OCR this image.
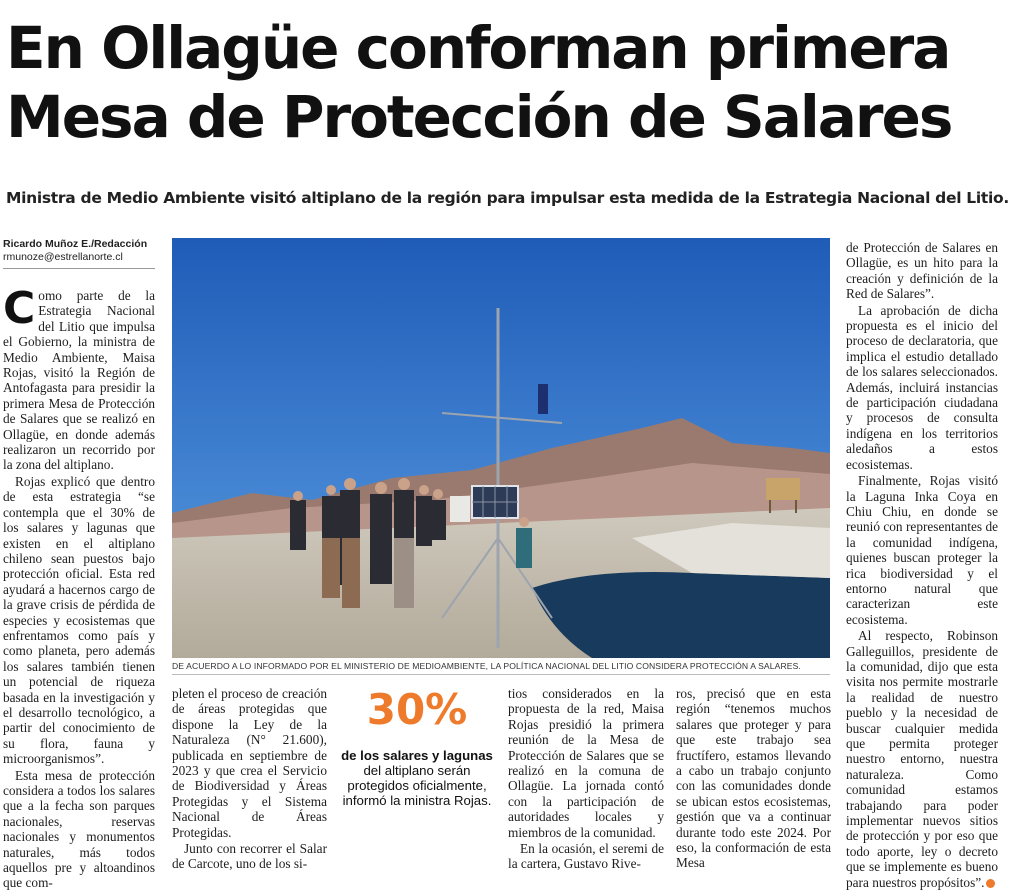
En Ollagüe conforman primera
Mesa de Protección de Salares
Ministra de Medio Ambiente visitó altiplano de la región para impulsar esta medida de la Estrategia Nacional del Litio.
Ricardo Muñoz E./Redacción
rmunoze@estrellanorte.cl

Como parte de la Estrategia Nacional del Litio que impulsa el Gobierno, la ministra de Medio Ambiente, Maisa Rojas, visitó la Región de Antofagasta para presidir la primera Mesa de Protección de Salares que se realizó en Ollagüe, en donde además realizaron un recorrido por la zona del altiplano.

Rojas explicó que dentro de esta estrategia “se contempla que el 30% de los salares y lagunas que existen en el altiplano chileno sean puestos bajo protección oficial. Esta red ayudará a hacernos cargo de la grave crisis de pérdida de especies y ecosistemas que enfrentamos como país y como planeta, pero además los salares también tienen un potencial de riqueza basada en la investigación y el desarrollo tecnológico, a partir del conocimiento de su flora, fauna y microorganismos”.

Esta mesa de protección considera a todos los salares que a la fecha son parques nacionales, reservas nacionales y monumentos naturales, más todos aquellos pre y altoandinos que com-

DE ACUERDO A LO INFORMADO POR EL MINISTERIO DE MEDIOAMBIENTE, LA POLÍTICA NACIONAL DEL LITIO CONSIDERA PROTECCIÓN A SALARES.

pleten el proceso de creación de áreas protegidas que dispone la Ley de la Naturaleza (N° 21.600), publicada en septiembre de 2023 y que crea el Servicio de Biodiversidad y Áreas Protegidas y el Sistema Nacional de Áreas Protegidas.

Junto con recorrer el Salar de Carcote, uno de los si-

30%
de los salares y lagunas
del altiplano serán protegidos oficialmente, informó la ministra Rojas.

tios considerados en la propuesta de la red, Maisa Rojas presidió la primera reunión de la Mesa de Protección de Salares que se realizó en la comuna de Ollagüe. La jornada contó con la participación de autoridades locales y miembros de la comunidad.

En la ocasión, el seremi de la cartera, Gustavo Rive-

ros, precisó que en esta región “tenemos muchos salares que proteger y para que este trabajo sea fructífero, estamos llevando a cabo un trabajo conjunto con las comunidades donde se ubican estos ecosistemas, gestión que va a continuar durante todo este 2024. Por eso, la conformación de esta Mesa

de Protección de Salares en Ollagüe, es un hito para la creación y definición de la Red de Salares”.

La aprobación de dicha propuesta es el inicio del proceso de declaratoria, que implica el estudio detallado de los salares seleccionados. Además, incluirá instancias de participación ciudadana y procesos de consulta indígena en los territorios aledaños a estos ecosistemas.

Finalmente, Rojas visitó la Laguna Inka Coya en Chiu Chiu, en donde se reunió con representantes de la comunidad indígena, quienes buscan proteger la rica biodiversidad y el entorno natural que caracterizan este ecosistema.

Al respecto, Robinson Galleguillos, presidente de la comunidad, dijo que esta visita nos permite mostrarle la realidad de nuestro pueblo y la necesidad de buscar cualquier medida que permita proteger nuestro entorno, nuestra naturaleza. Como comunidad estamos trabajando para poder implementar nuevos sitios de protección y por eso que todo aporte, ley o decreto que se implemente es bueno para nuestros propósitos”.
